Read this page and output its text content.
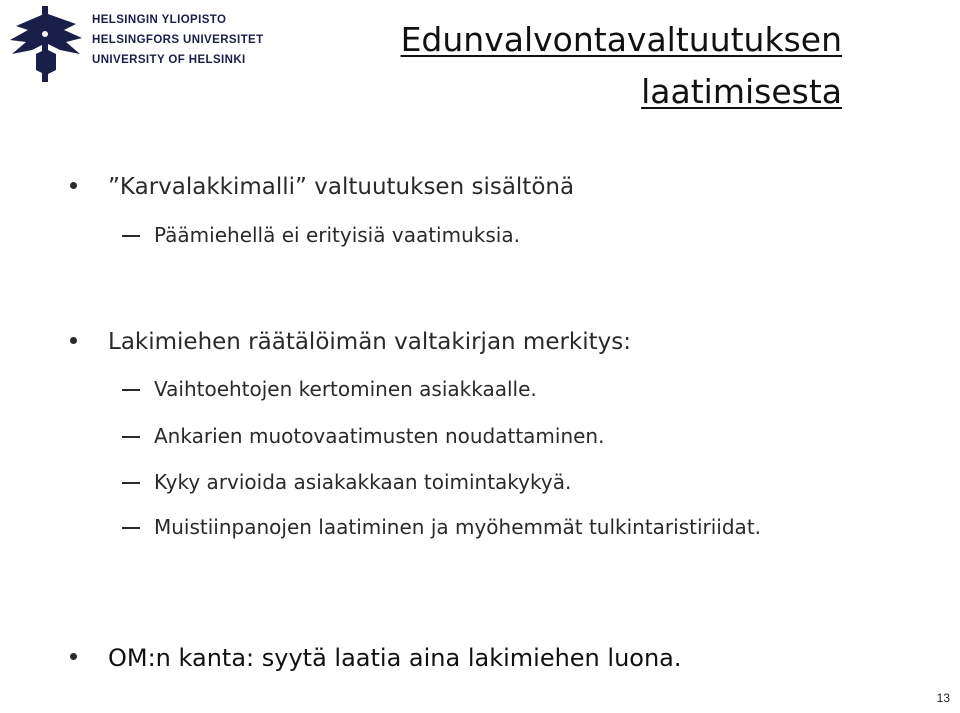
HELSINGIN YLIOPISTO
HELSINGFORS UNIVERSITET
UNIVERSITY OF HELSINKI
Edunvalvontavaltuutuksen
laatimisesta
”Karvalakkimalli” valtuutuksen sisältönä
Päämiehellä ei erityisiä vaatimuksia.
Lakimiehen räätälöimän valtakirjan merkitys:
Vaihtoehtojen kertominen asiakkaalle.
Ankarien muotovaatimusten noudattaminen.
Kyky arvioida asiakakkaan toimintakykyä.
Muistiinpanojen laatiminen ja myöhemmät tulkintaristiriidat.
OM:n kanta: syytä laatia aina lakimiehen luona.
13
